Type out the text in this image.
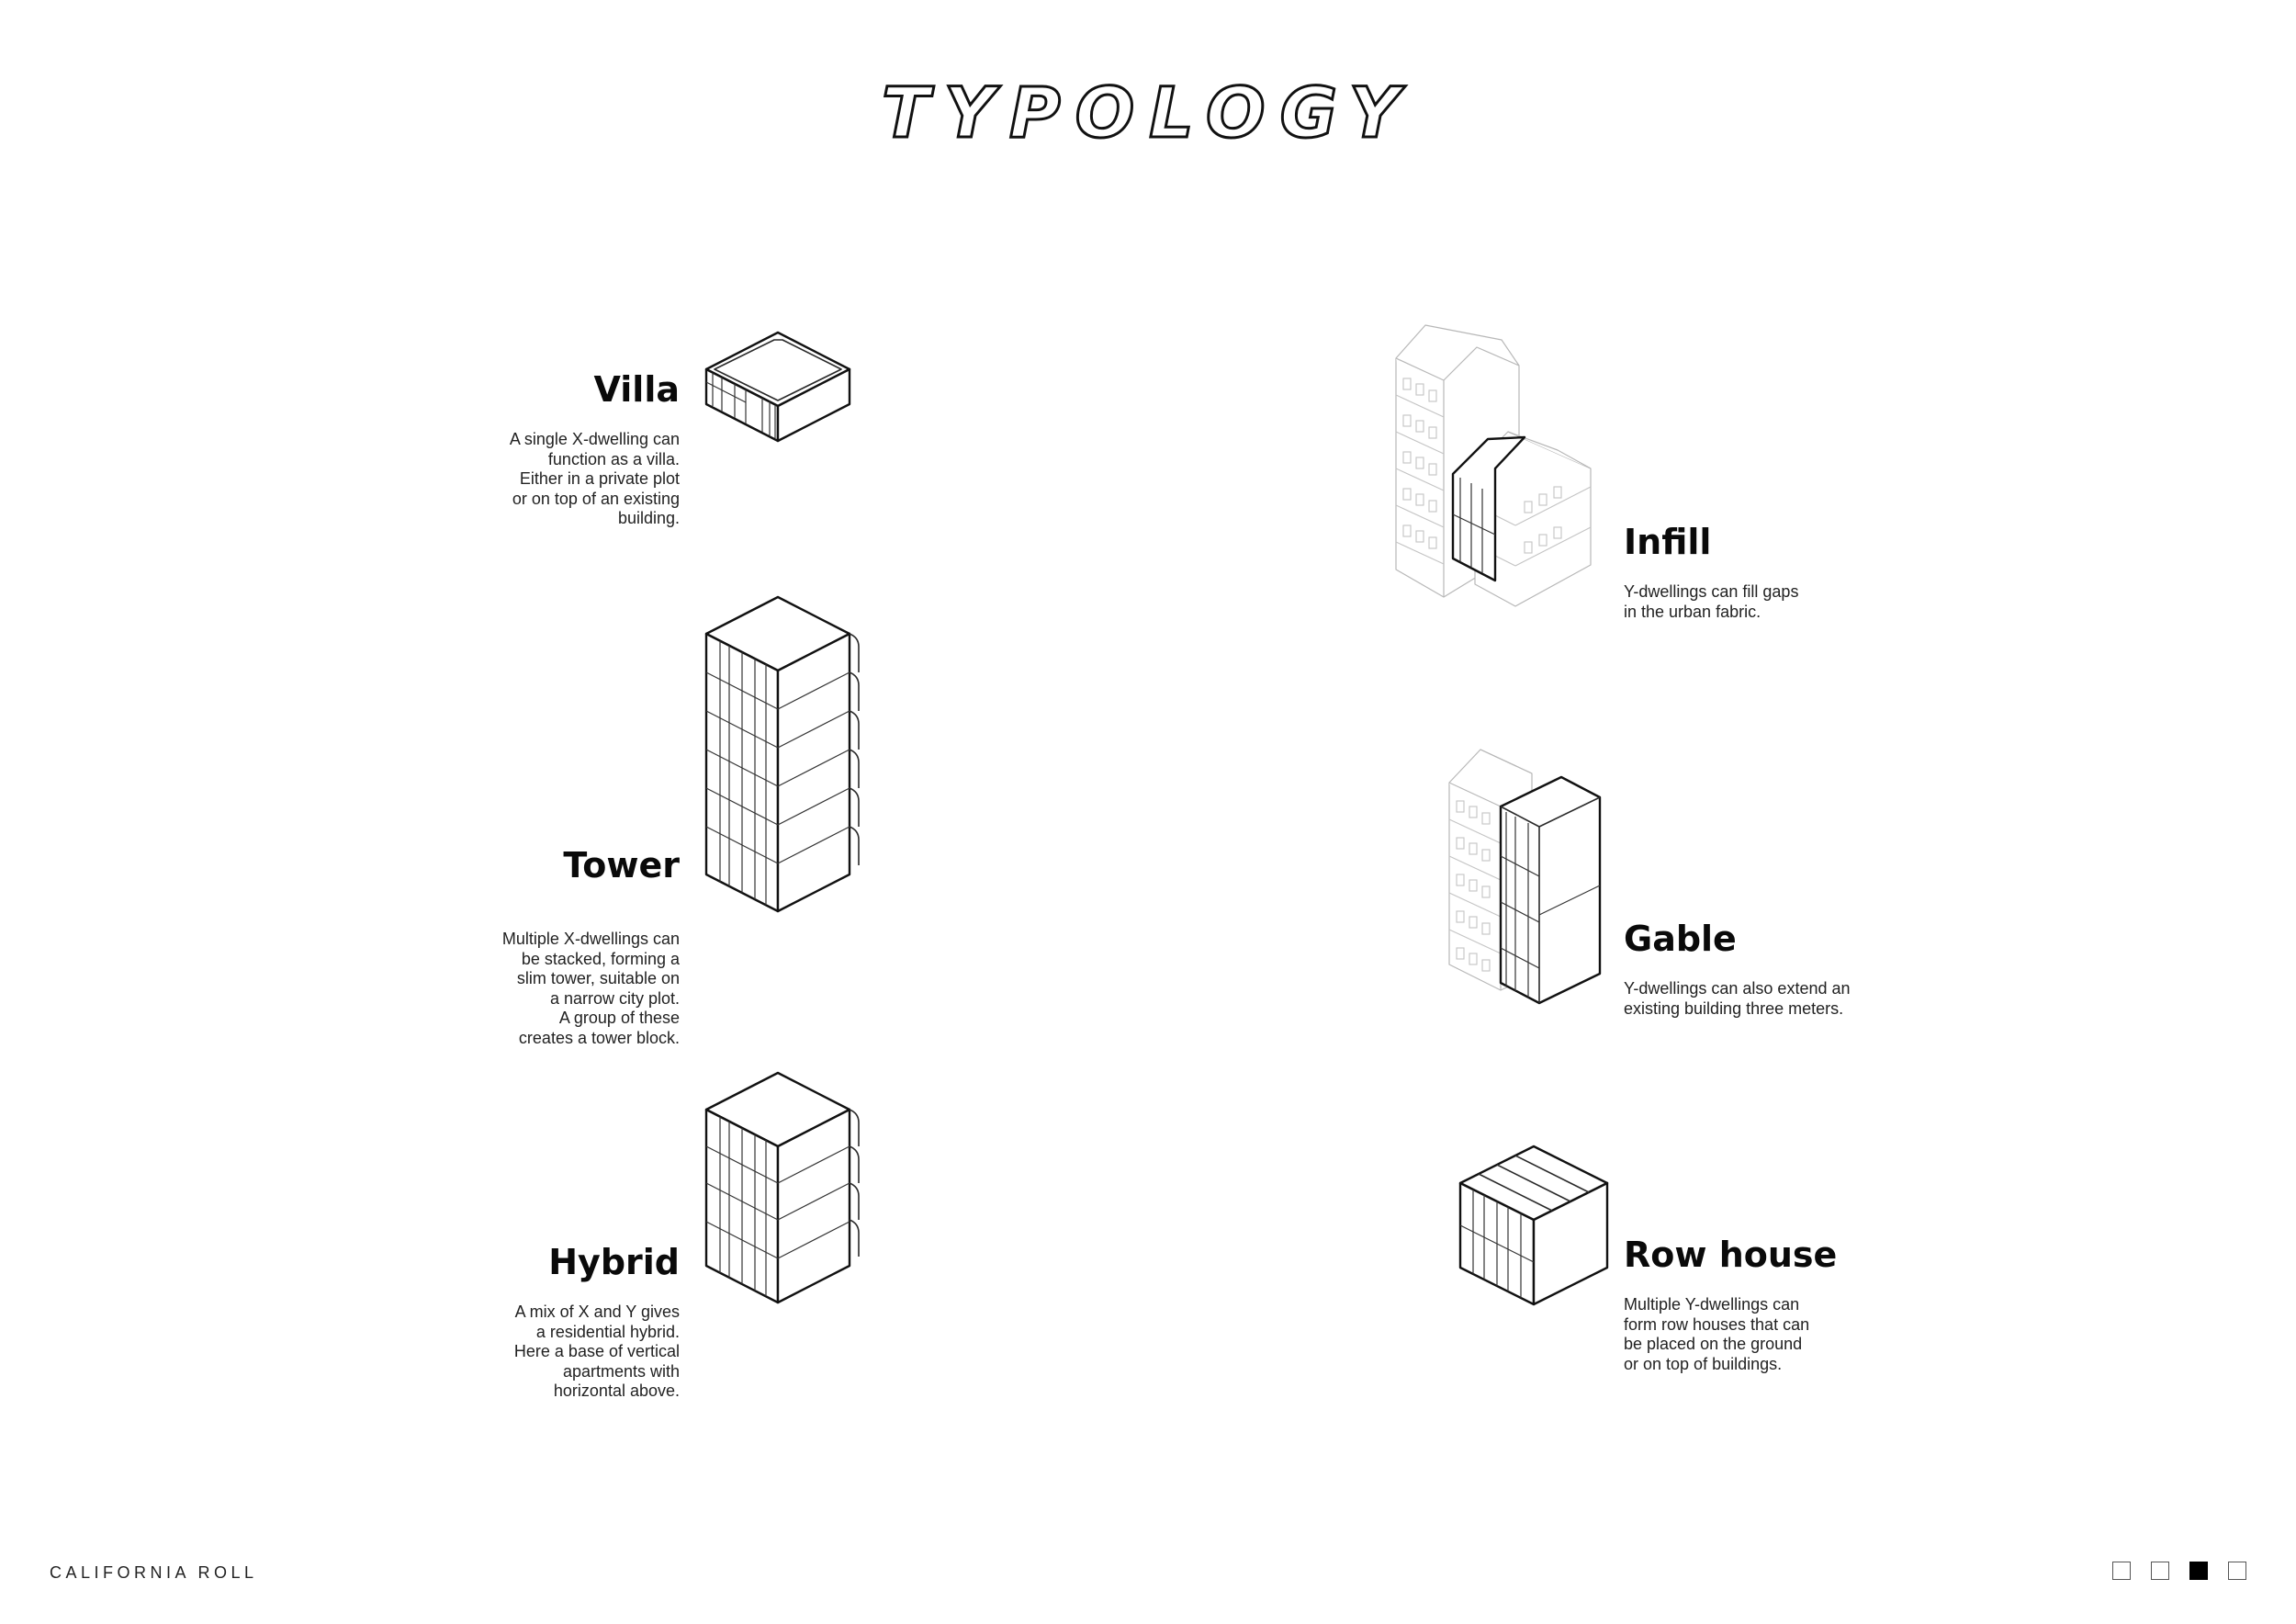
TYPOLOGY
Villa

A single X-dwelling can
function as a villa.
Either in a private plot
or on top of an existing
building.

Tower

Multiple X-dwellings can
be stacked, forming a
slim tower, suitable on
a narrow city plot.
A group of these
creates a tower block.

Hybrid

A mix of X and Y gives
a residential hybrid.
Here a base of vertical
apartments with
horizontal above.

Infill

Y-dwellings can fill gaps
in the urban fabric.

Gable

Y-dwellings can also extend an
existing building three meters.

Row house

Multiple Y-dwellings can
form row houses that can
be placed on the ground
or on top of buildings.

CALIFORNIA ROLL
